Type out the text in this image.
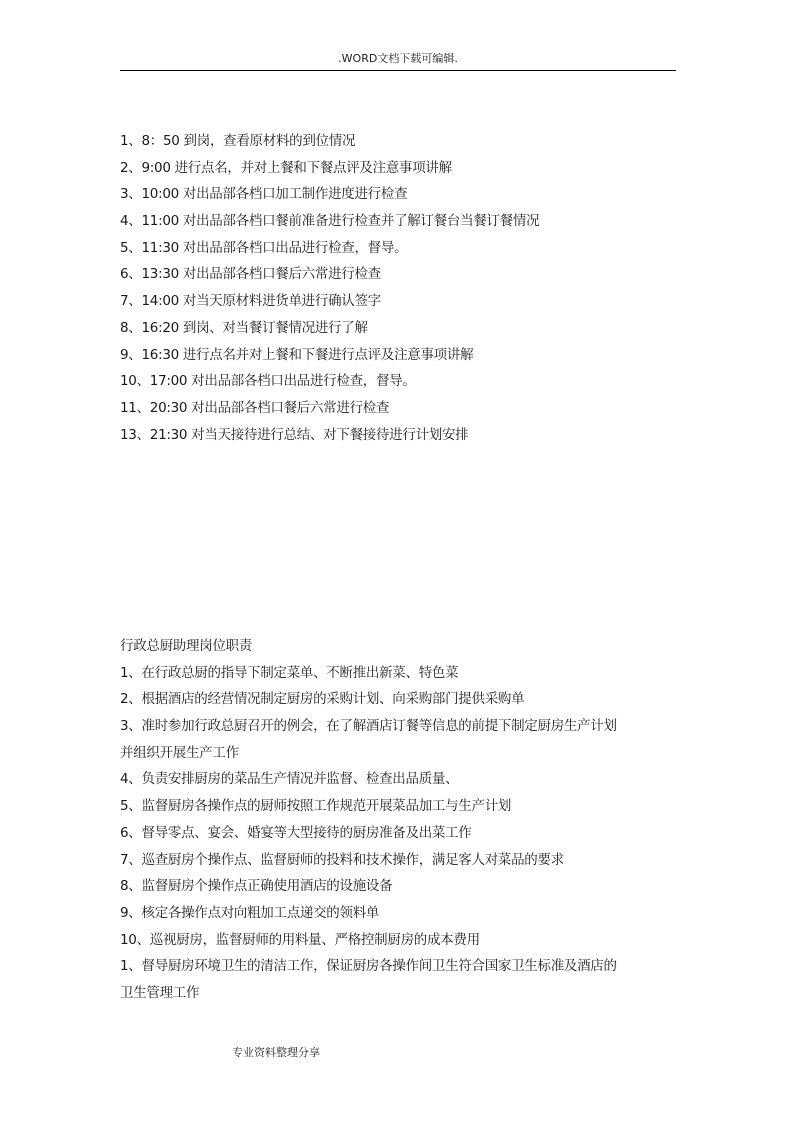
.WORD文档下载可编辑.
1、8：50 到岗，查看原材料的到位情况
2、9:00 进行点名，并对上餐和下餐点评及注意事项讲解
3、10:00 对出品部各档口加工制作进度进行检查
4、11:00 对出品部各档口餐前准备进行检查并了解订餐台当餐订餐情况
5、11:30 对出品部各档口出品进行检查，督导。
6、13:30 对出品部各档口餐后六常进行检查
7、14:00 对当天原材料进货单进行确认签字
8、16:20 到岗、对当餐订餐情况进行了解
9、16:30 进行点名并对上餐和下餐进行点评及注意事项讲解
10、17:00 对出品部各档口出品进行检查，督导。
11、20:30 对出品部各档口餐后六常进行检查
13、21:30 对当天接待进行总结、对下餐接待进行计划安排
行政总厨助理岗位职责
1、在行政总厨的指导下制定菜单、不断推出新菜、特色菜
2、根据酒店的经营情况制定厨房的采购计划、向采购部门提供采购单
3、准时参加行政总厨召开的例会，在了解酒店订餐等信息的前提下制定厨房生产计划
并组织开展生产工作
4、负责安排厨房的菜品生产情况并监督、检查出品质量、
5、监督厨房各操作点的厨师按照工作规范开展菜品加工与生产计划
6、督导零点、宴会、婚宴等大型接待的厨房准备及出菜工作
7、巡查厨房个操作点、监督厨师的投料和技术操作，满足客人对菜品的要求
8、监督厨房个操作点正确使用酒店的设施设备
9、核定各操作点对向粗加工点递交的领料单
10、巡视厨房，监督厨师的用料量、严格控制厨房的成本费用
1、督导厨房环境卫生的清洁工作，保证厨房各操作间卫生符合国家卫生标准及酒店的
卫生管理工作
专业资料整理分享
